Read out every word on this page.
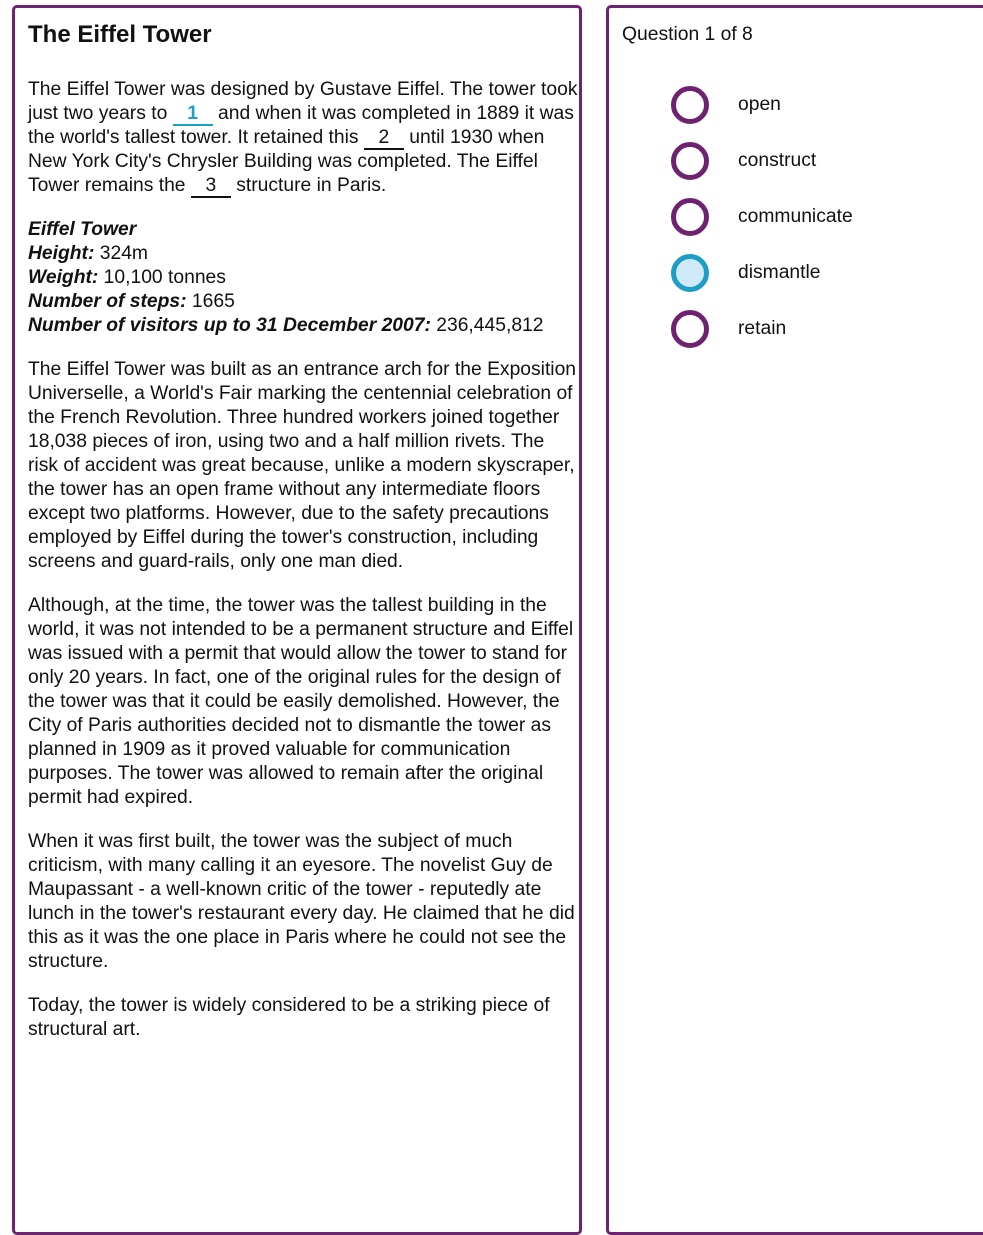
The Eiffel Tower

The Eiffel Tower was designed by Gustave Eiffel. The tower took just two years to 1 and when it was completed in 1889 it was the world's tallest tower. It retained this 2 until 1930 when New York City's Chrysler Building was completed. The Eiffel Tower remains the 3 structure in Paris.

Eiffel Tower
Height: 324m
Weight: 10,100 tonnes
Number of steps: 1665
Number of visitors up to 31 December 2007: 236,445,812

The Eiffel Tower was built as an entrance arch for the Exposition Universelle, a World's Fair marking the centennial celebration of the French Revolution. Three hundred workers joined together 18,038 pieces of iron, using two and a half million rivets. The risk of accident was great because, unlike a modern skyscraper, the tower has an open frame without any intermediate floors except two platforms. However, due to the safety precautions employed by Eiffel during the tower's construction, including screens and guard-rails, only one man died.

Although, at the time, the tower was the tallest building in the world, it was not intended to be a permanent structure and Eiffel was issued with a permit that would allow the tower to stand for only 20 years. In fact, one of the original rules for the design of the tower was that it could be easily demolished. However, the City of Paris authorities decided not to dismantle the tower as planned in 1909 as it proved valuable for communication purposes. The tower was allowed to remain after the original permit had expired.

When it was first built, the tower was the subject of much criticism, with many calling it an eyesore. The novelist Guy de Maupassant - a well-known critic of the tower - reputedly ate lunch in the tower's restaurant every day. He claimed that he did this as it was the one place in Paris where he could not see the structure.

Today, the tower is widely considered to be a striking piece of structural art.

Question 1 of 8
open
construct
communicate
dismantle
retain
